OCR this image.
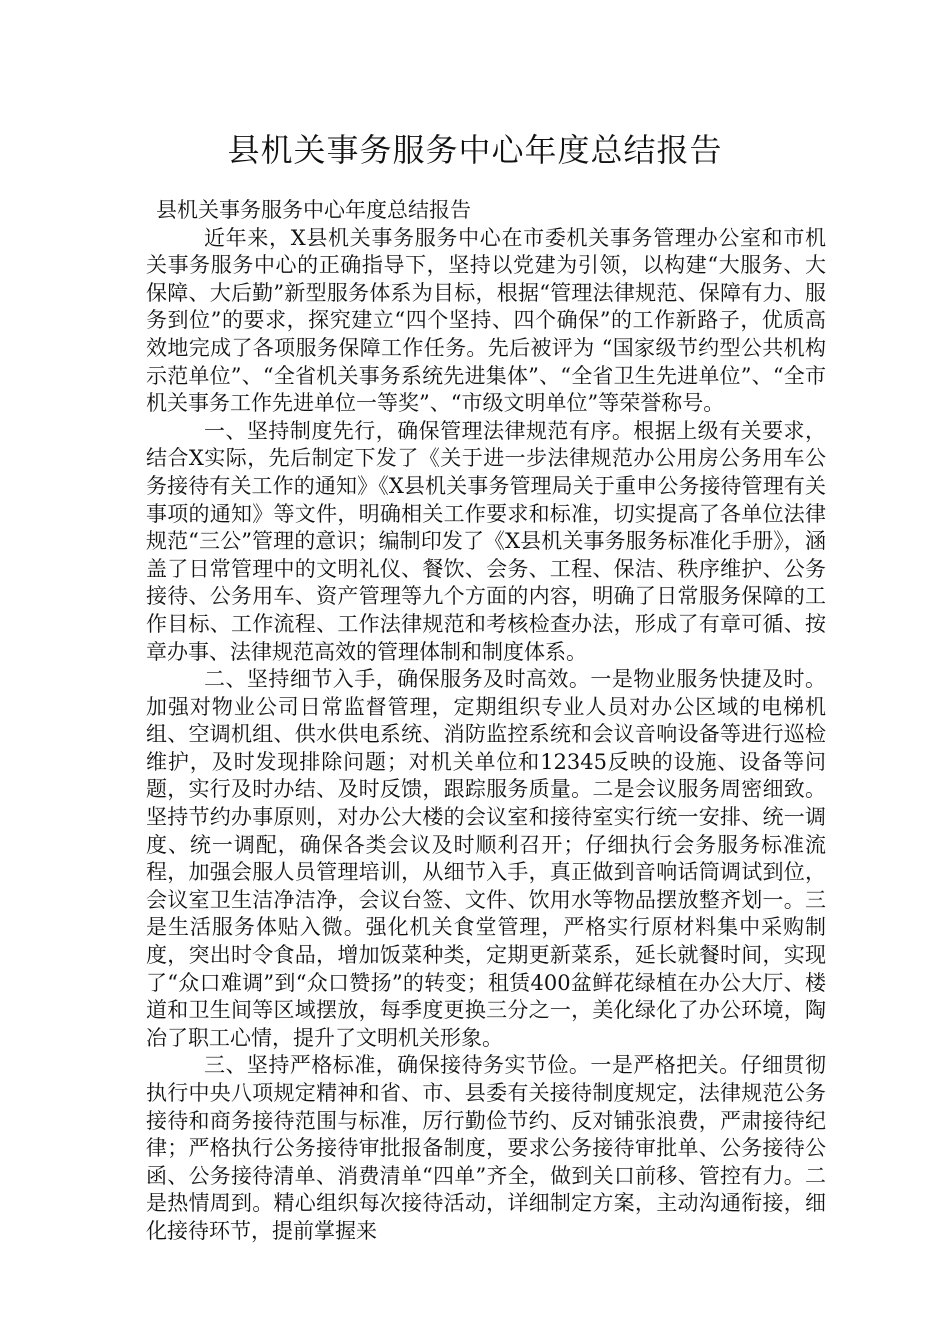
县机关事务服务中心年度总结报告

县机关事务服务中心年度总结报告

近年来，X县机关事务服务中心在市委机关事务管理办公室和市机关事务服务中心的正确指导下，坚持以党建为引领，以构建“大服务、大保障、大后勤”新型服务体系为目标，根据“管理法律规范、保障有力、服务到位”的要求，探究建立“四个坚持、四个确保”的工作新路子，优质高效地完成了各项服务保障工作任务。先后被评为 “国家级节约型公共机构示范单位”、“全省机关事务系统先进集体”、“全省卫生先进单位”、“全市机关事务工作先进单位一等奖”、“市级文明单位”等荣誉称号。

一、坚持制度先行，确保管理法律规范有序。根据上级有关要求，结合X实际，先后制定下发了《关于进一步法律规范办公用房公务用车公务接待有关工作的通知》《X县机关事务管理局关于重申公务接待管理有关事项的通知》等文件，明确相关工作要求和标准，切实提高了各单位法律规范“三公”管理的意识；编制印发了《X县机关事务服务标准化手册》，涵盖了日常管理中的文明礼仪、餐饮、会务、工程、保洁、秩序维护、公务接待、公务用车、资产管理等九个方面的内容，明确了日常服务保障的工作目标、工作流程、工作法律规范和考核检查办法，形成了有章可循、按章办事、法律规范高效的管理体制和制度体系。

二、坚持细节入手，确保服务及时高效。一是物业服务快捷及时。加强对物业公司日常监督管理，定期组织专业人员对办公区域的电梯机组、空调机组、供水供电系统、消防监控系统和会议音响设备等进行巡检维护，及时发现排除问题；对机关单位和12345反映的设施、设备等问题，实行及时办结、及时反馈，跟踪服务质量。二是会议服务周密细致。坚持节约办事原则，对办公大楼的会议室和接待室实行统一安排、统一调度、统一调配，确保各类会议及时顺利召开；仔细执行会务服务标准流程，加强会服人员管理培训，从细节入手，真正做到音响话筒调试到位，会议室卫生洁净洁净，会议台签、文件、饮用水等物品摆放整齐划一。三是生活服务体贴入微。强化机关食堂管理，严格实行原材料集中采购制度，突出时令食品，增加饭菜种类，定期更新菜系，延长就餐时间，实现了“众口难调”到“众口赞扬”的转变；租赁400盆鲜花绿植在办公大厅、楼道和卫生间等区域摆放，每季度更换三分之一，美化绿化了办公环境，陶冶了职工心情，提升了文明机关形象。

三、坚持严格标准，确保接待务实节俭。一是严格把关。仔细贯彻执行中央八项规定精神和省、市、县委有关接待制度规定，法律规范公务接待和商务接待范围与标准，厉行勤俭节约、反对铺张浪费，严肃接待纪律；严格执行公务接待审批报备制度，要求公务接待审批单、公务接待公函、公务接待清单、消费清单“四单”齐全，做到关口前移、管控有力。二是热情周到。精心组织每次接待活动，详细制定方案，主动沟通衔接，细化接待环节，提前掌握来
